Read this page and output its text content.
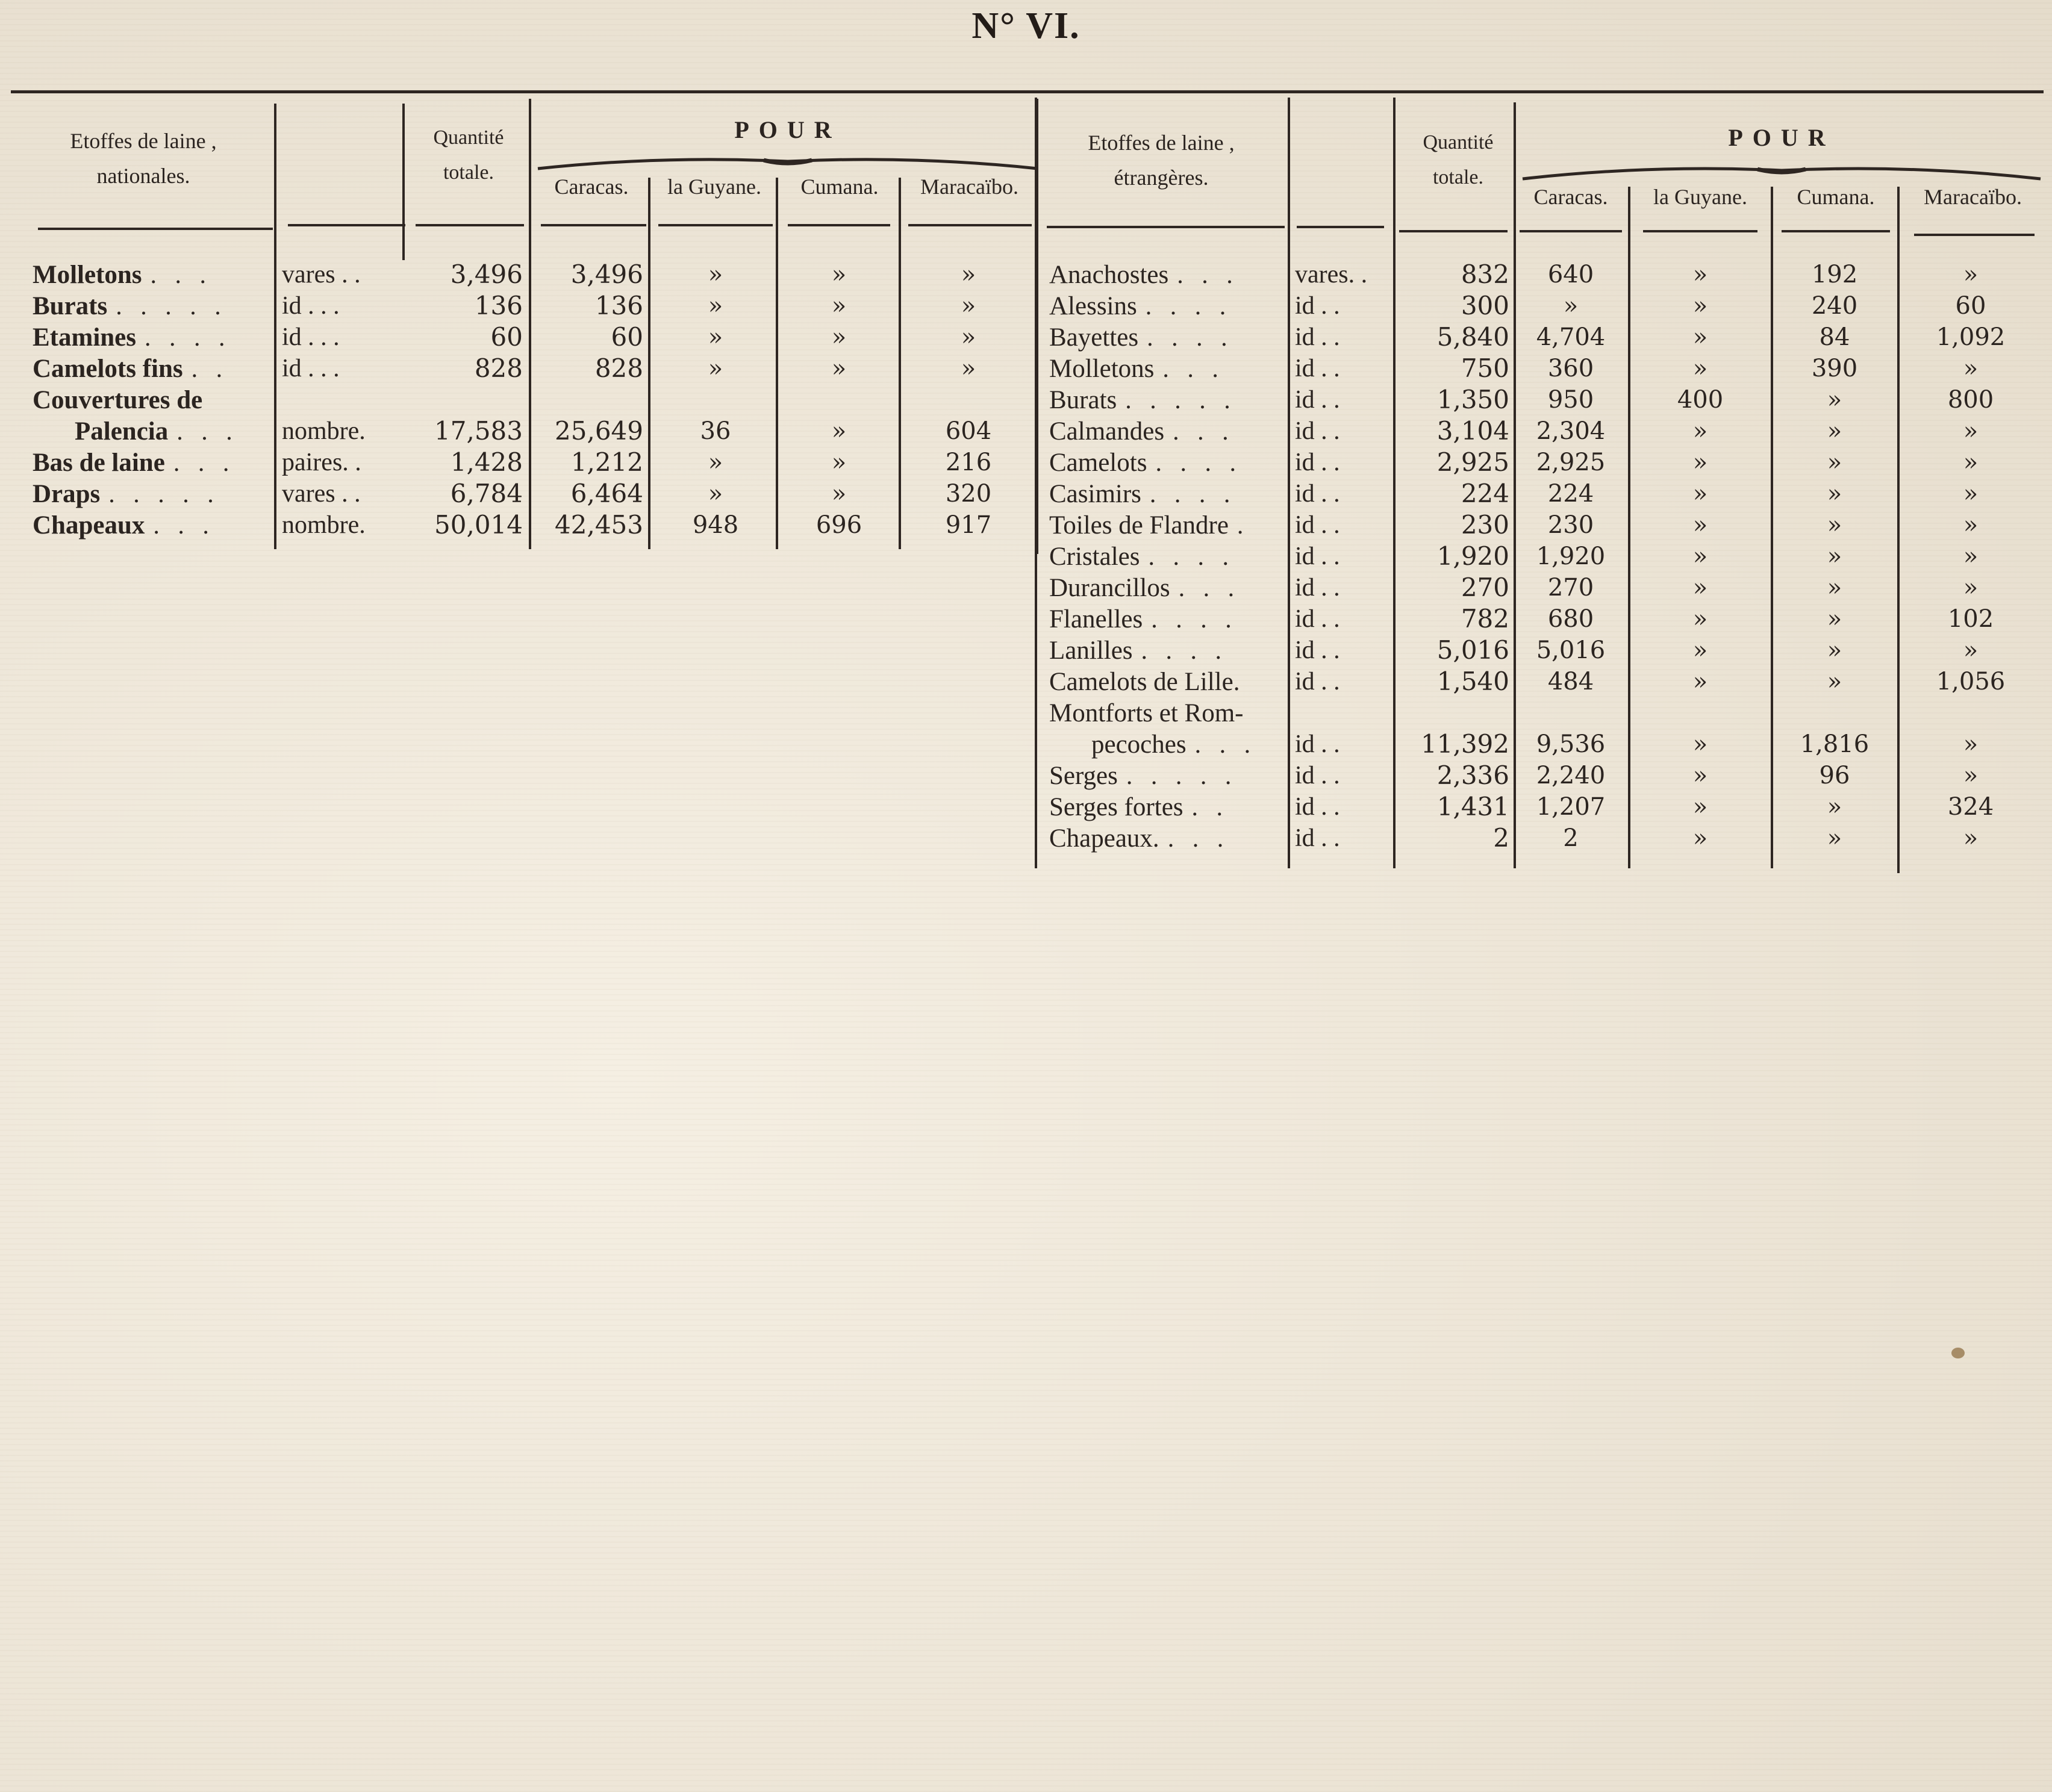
N° VI.
Etoffes de laine ,
nationales.
Quantité
totale.
POUR
Caracas.	la Guyane.	Cumana.	Maracaïbo.
Molletons . . .	vares . .	3,496	3,496	»	»	»
Burats . . . . .	id . . .	136	136	»	»	»
Etamines . . . .	id . . .	60	60	»	»	»
Camelots fins . .	id . . .	828	828	»	»	»
Couvertures de
Palencia . . .	nombre.	17,583	25,649	36	»	604
Bas de laine . . .	paires. .	1,428	1,212	»	»	216
Draps . . . . .	vares . .	6,784	6,464	»	»	320
Chapeaux . . .	nombre.	50,014	42,453	948	696	917
Etoffes de laine ,
étrangères.
Quantité
totale.
POUR
Caracas.	la Guyane.	Cumana.	Maracaïbo.
Anachostes . . .	vares. .	832	640	»	192	»
Alessins . . . .	id . .	300	»	»	240	60
Bayettes . . . .	id . .	5,840	4,704	»	84	1,092
Molletons . . .	id . .	750	360	»	390	»
Burats . . . . .	id . .	1,350	950	400	»	800
Calmandes . . .	id . .	3,104	2,304	»	»	»
Camelots . . . .	id . .	2,925	2,925	»	»	»
Casimirs . . . .	id . .	224	224	»	»	»
Toiles de Flandre .	id . .	230	230	»	»	»
Cristales . . . .	id . .	1,920	1,920	»	»	»
Durancillos . . .	id . .	270	270	»	»	»
Flanelles . . . .	id . .	782	680	»	»	102
Lanilles . . . .	id . .	5,016	5,016	»	»	»
Camelots de Lille.	id . .	1,540	484	»	»	1,056
Montforts et Rom-
pecoches . . .	id . .	11,392	9,536	»	1,816	»
Serges . . . . .	id . .	2,336	2,240	»	96	»
Serges fortes . .	id . .	1,431	1,207	»	»	324
Chapeaux. . . .	id . .	2	2	»	»	»
